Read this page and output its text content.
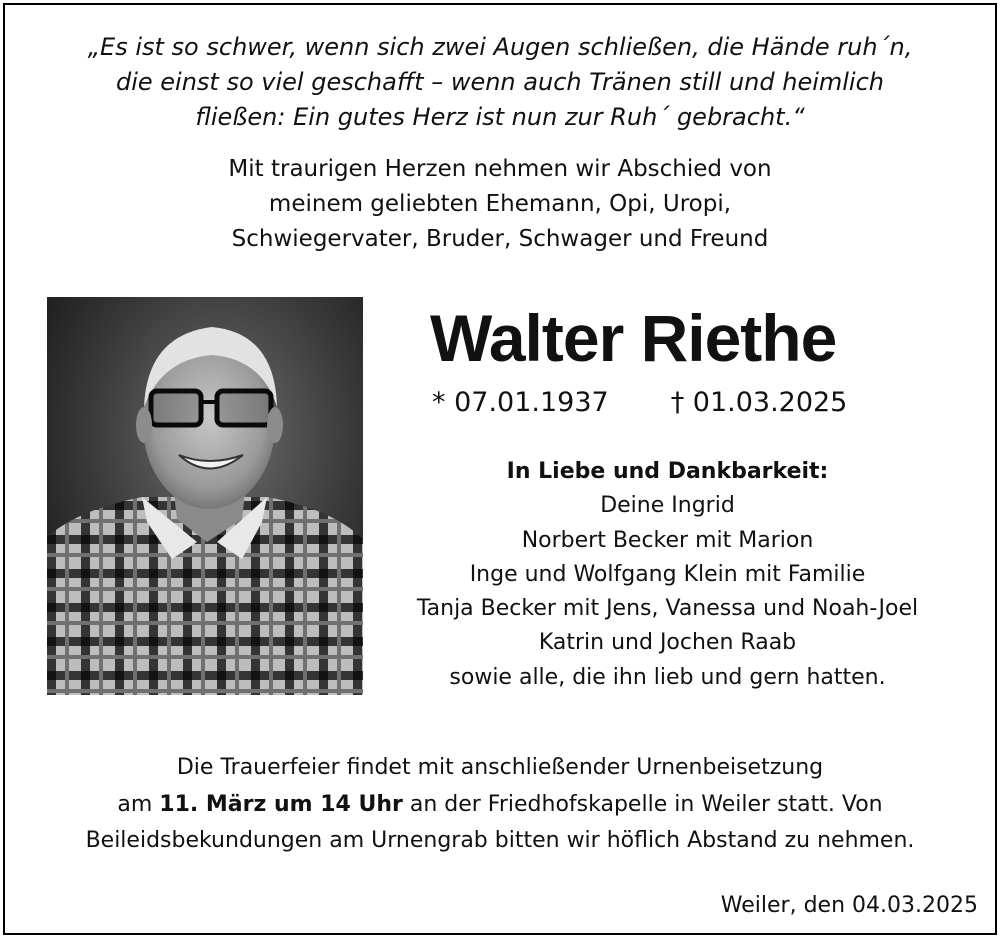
„Es ist so schwer, wenn sich zwei Augen schließen, die Hände ruh´n,
die einst so viel geschafft – wenn auch Tränen still und heimlich
fließen: Ein gutes Herz ist nun zur Ruh´ gebracht.“
Mit traurigen Herzen nehmen wir Abschied von
meinem geliebten Ehemann, Opi, Uropi,
Schwiegervater, Bruder, Schwager und Freund
Walter Riethe
* 07.01.1937 † 01.03.2025
In Liebe und Dankbarkeit:
Deine Ingrid
Norbert Becker mit Marion
Inge und Wolfgang Klein mit Familie
Tanja Becker mit Jens, Vanessa und Noah-Joel
Katrin und Jochen Raab
sowie alle, die ihn lieb und gern hatten.
Die Trauerfeier findet mit anschließender Urnenbeisetzung
am 11. März um 14 Uhr an der Friedhofskapelle in Weiler statt. Von
Beileidsbekundungen am Urnengrab bitten wir höflich Abstand zu nehmen.
Weiler, den 04.03.2025
